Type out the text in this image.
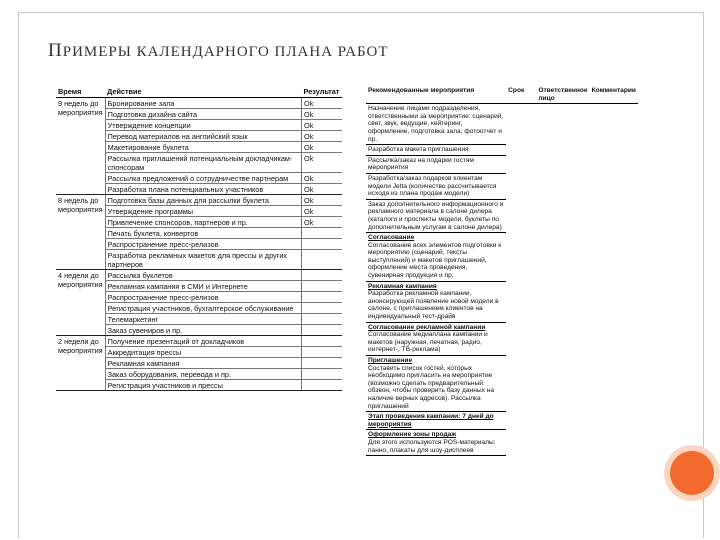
ПРИМЕРЫ КАЛЕНДАРНОГО ПЛАНА РАБОТ
Время	Действие	Результат
9 недель до мероприятия	Бронирование зала	Ok
	Подготовка дизайна сайта	Ok
	Утверждение концепции	Ok
	Перевод материалов на английский язык	Ok
	Макетирование буклета	Ok
	Рассылка приглашений потенциальным докладчикам-спонсорам	Ok
	Рассылка предложений о сотрудничестве партнерам	Ok
	Разработка плана потенциальных участников	Ok
8 недель до мероприятия	Подготовка базы данных для рассылки буклета	Ok
	Утверждение программы	Ok
	Привлечение спонсоров, партнеров и пр.	Ok
	Печать буклета, конвертов	
	Распространение пресс-релизов	
	Разработка рекламных макетов для прессы и других партнеров	
4 недели до мероприятия	Рассылка буклетов	
	Рекламная кампания в СМИ и Интернете	
	Распространение пресс-релизов	
	Регистрация участников, бухгалтерское обслуживание	
	Телемаркетинг	
	Заказ сувениров и пр.	
2 недели до мероприятия	Получение презентаций от докладчиков	
	Аккредитация прессы	
	Рекламная кампания	
	Заказ оборудования, перевода и пр.	
	Регистрация участников и прессы	
Рекомендованные мероприятия	Срок	Ответственное лицо	Комментарии

Назначение лицами подразделения, ответственными за мероприятие: сценарий, свет, звук, ведущие, кейтеринг, оформление, подготовка зала, фотоотчет и пр.			

Разработка макета приглашения			

Рассылка/заказ на подарки гостям мероприятия			

Разработка/заказ подарков клиентам модели Jetta (количество рассчитывается исходя из плана продаж модели)			

Заказ дополнительного информационного и рекламного материала в салоне дилера (каталоги и проспекты модели, буклеты по дополнительным услугам в салоне дилера)			

Согласование
Согласование всех элементов подготовки к мероприятию (сценарий, тексты выступлений) и макетов приглашений, оформление места проведения, сувенирная продукция и пр.			

Рекламная кампания
Разработка рекламной кампании, анонсирующей появление новой модели в салоне, с приглашением клиентов на индивидуальный тест-драйв			

Согласование рекламной кампании
Согласование медиаплана кампании и макетов (наружная, печатная, радио, интернет-, ТВ-реклама)			

Приглашение
Составить список гостей, которых необходимо пригласить на мероприятие (возможно сделать предварительный обзвон, чтобы проверить базу данных на наличие верных адресов). Рассылка приглашений			

Этап проведения кампании: 7 дней до мероприятия			

Оформление зоны продаж
Для этого используются POS-материалы: панно, плакаты для шоу-дисплеев			
